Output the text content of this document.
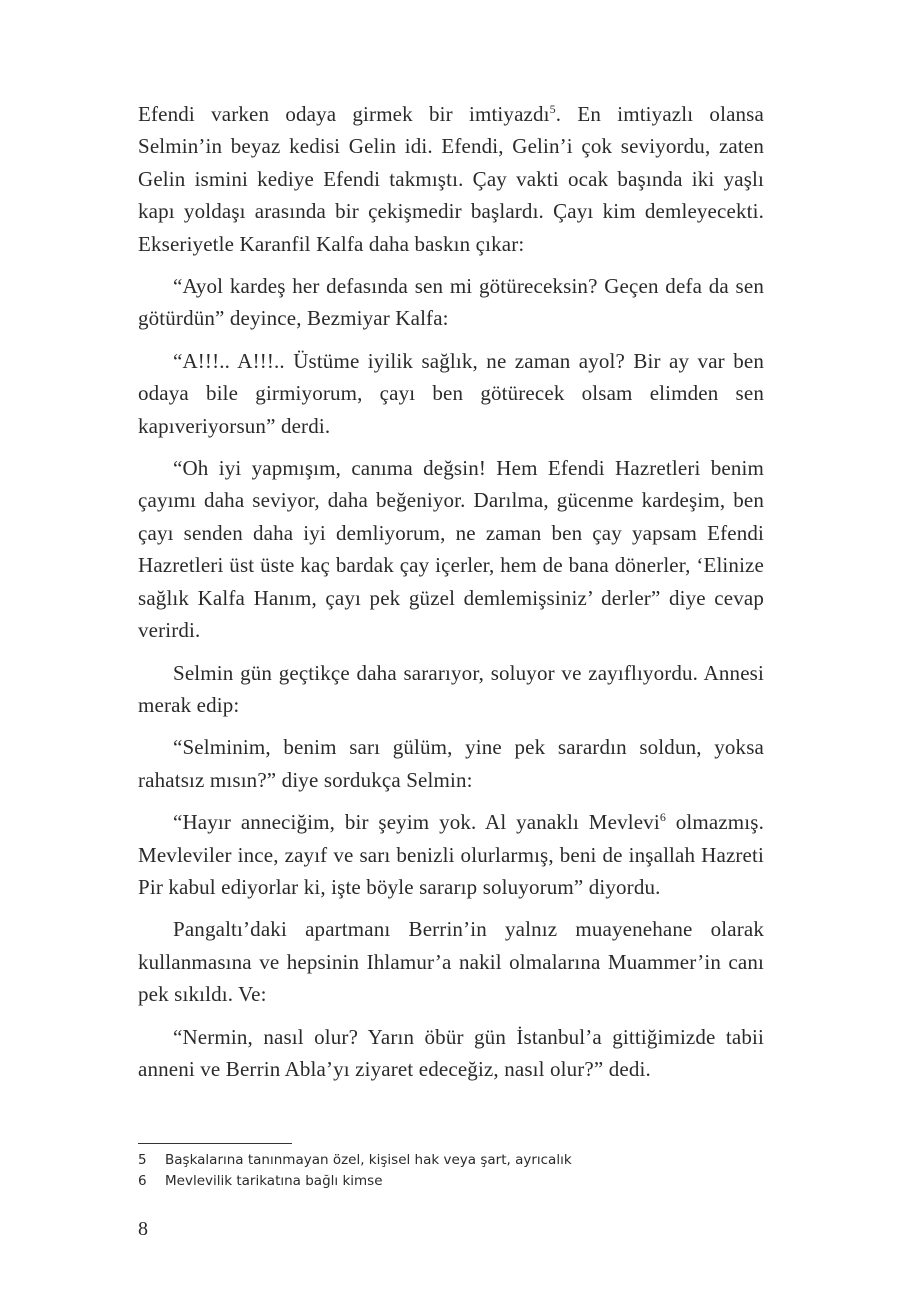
Efendi varken odaya girmek bir imtiyazdı$^5$. En imtiyazlı olansa Selmin’in beyaz kedisi Gelin idi. Efendi, Gelin’i çok seviyordu, zaten Gelin ismini kediye Efendi takmıştı. Çay vakti ocak başında iki yaşlı kapı yoldaşı arasında bir çekişmedir başlardı. Çayı kim demleyecekti. Ekseriyetle Karanfil Kalfa daha baskın çıkar:

“Ayol kardeş her defasında sen mi götüreceksin? Geçen defa da sen götürdün” deyince, Bezmiyar Kalfa:

“A!!!.. A!!!.. Üstüme iyilik sağlık, ne zaman ayol? Bir ay var ben odaya bile girmiyorum, çayı ben götürecek olsam elimden sen kapıveriyorsun” derdi.

“Oh iyi yapmışım, canıma değsin! Hem Efendi Hazretleri benim çayımı daha seviyor, daha beğeniyor. Darılma, gücenme kardeşim, ben çayı senden daha iyi demliyorum, ne zaman ben çay yapsam Efendi Hazretleri üst üste kaç bardak çay içerler, hem de bana dönerler, ‘Elinize sağlık Kalfa Hanım, çayı pek güzel demlemişsiniz’ derler” diye cevap verirdi.

Selmin gün geçtikçe daha sararıyor, soluyor ve zayıflıyordu. Annesi merak edip:

“Selminim, benim sarı gülüm, yine pek sarardın soldun, yoksa rahatsız mısın?” diye sordukça Selmin:

“Hayır anneciğim, bir şeyim yok. Al yanaklı Mevlevi$^6$ olmazmış. Mevleviler ince, zayıf ve sarı benizli olurlarmış, beni de inşallah Hazreti Pir kabul ediyorlar ki, işte böyle sararıp soluyorum” diyordu.

Pangaltı’daki apartmanı Berrin’in yalnız muayenehane olarak kullanmasına ve hepsinin Ihlamur’a nakil olmalarına Muammer’in canı pek sıkıldı. Ve:

“Nermin, nasıl olur? Yarın öbür gün İstanbul’a gittiğimizde tabii anneni ve Berrin Abla’yı ziyaret edeceğiz, nasıl olur?” dedi.

5	Başkalarına tanınmayan özel, kişisel hak veya şart, ayrıcalık
6	Mevlevilik tarikatına bağlı kimse
8
